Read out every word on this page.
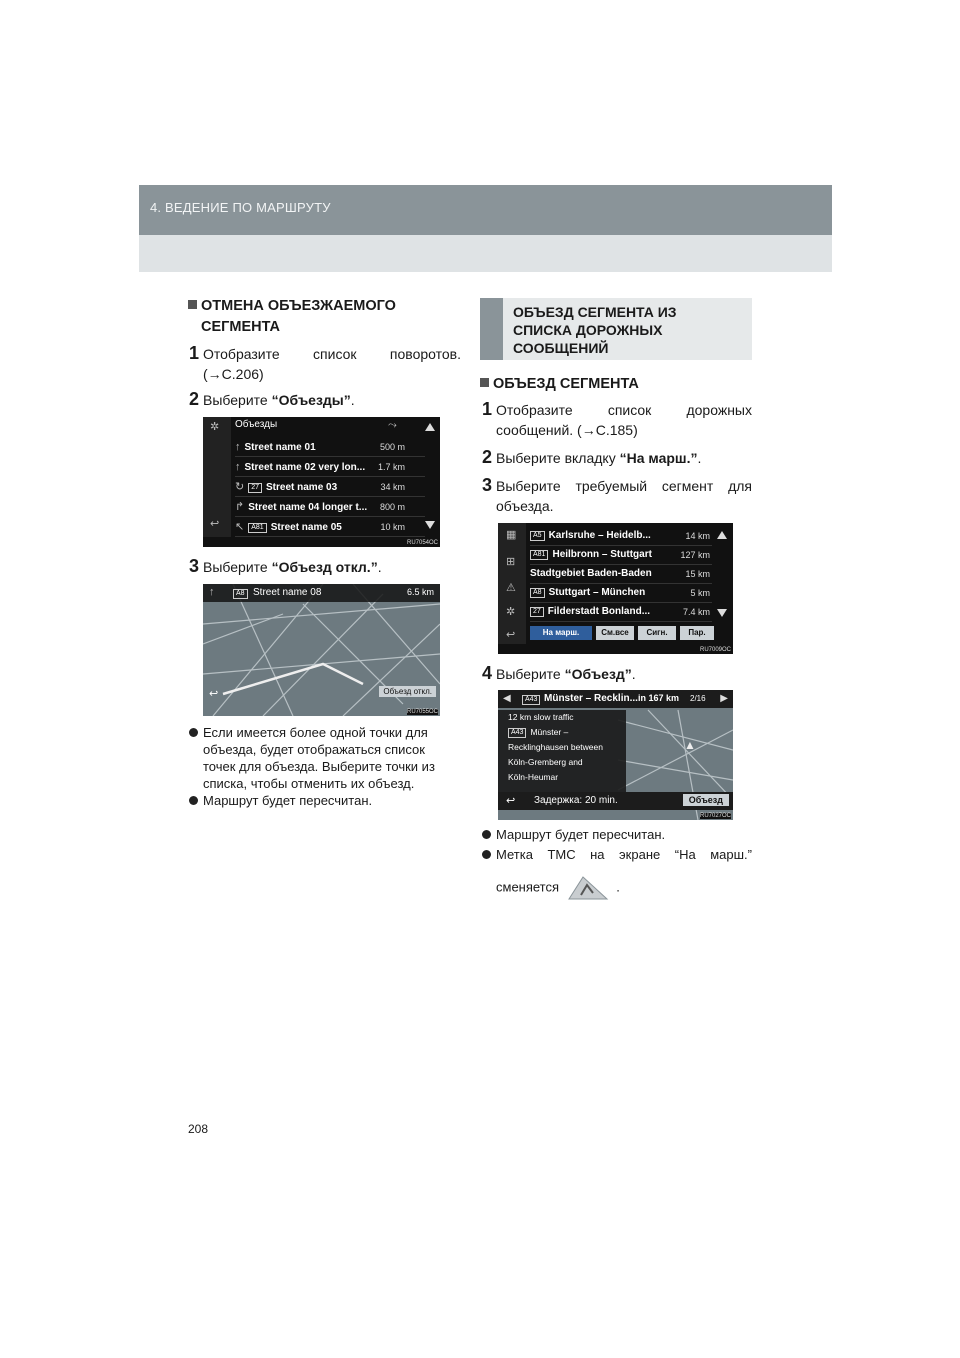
4. ВЕДЕНИЕ ПО МАРШРУТУ
208
ОТМЕНА ОБЪЕЗЖАЕМОГО
СЕГМЕНТА
1 Отобразите список поворотов.
(→С.206)
2 Выберите “Объезды”.
✲
↩
Объезды	⤳
↑ Street name 01	500 m
↑ Street name 02 very lon... 1.7 km
↻ 27 Street name 03	34 km
↱ Street name 04 longer t... 800 m
↖ A81 Street name 05	10 km
RU7054OC
3 Выберите “Объезд откл.”.
↑	A8 Street name 08	6.5 km
↩	Объезд откл.
RU7055OC
Если имеется более одной точки для
объезда, будет отображаться список
точек для объезда. Выберите точки из
списка, чтобы отменить их объезд.
Маршрут будет пересчитан.
ОБЪЕЗД СЕГМЕНТА ИЗ
СПИСКА ДОРОЖНЫХ
СООБЩЕНИЙ
ОБЪЕЗД СЕГМЕНТА
1 Отобразите список дорожных
сообщений. (→С.185)
2 Выберите вкладку “На марш.”.
3 Выберите требуемый сегмент для
объезда.
▦
⊞
⚠
✲
↩
A5 Karlsruhe – Heidelb...	14 km
A81 Heilbronn – Stuttgart	127 km
Stadtgebiet Baden-Baden	15 km
A8 Stuttgart – München	5 km
27 Filderstadt Bonland...	7.4 km
На марш.	См.все	Сигн.	Пар.
RU7009OC
4 Выберите “Объезд”.
◀	A43 Münster – Recklin... in 167 km 2/16 ▶
12 km slow traffic
A43 Münster –
Recklinghausen between
Köln-Gremberg and
Köln-Heumar
▲
↩ Задержка: 20 min.	Объезд
RU7027OC
Маршрут будет пересчитан.
Метка ТМС на экране “На марш.”
сменяется	.
